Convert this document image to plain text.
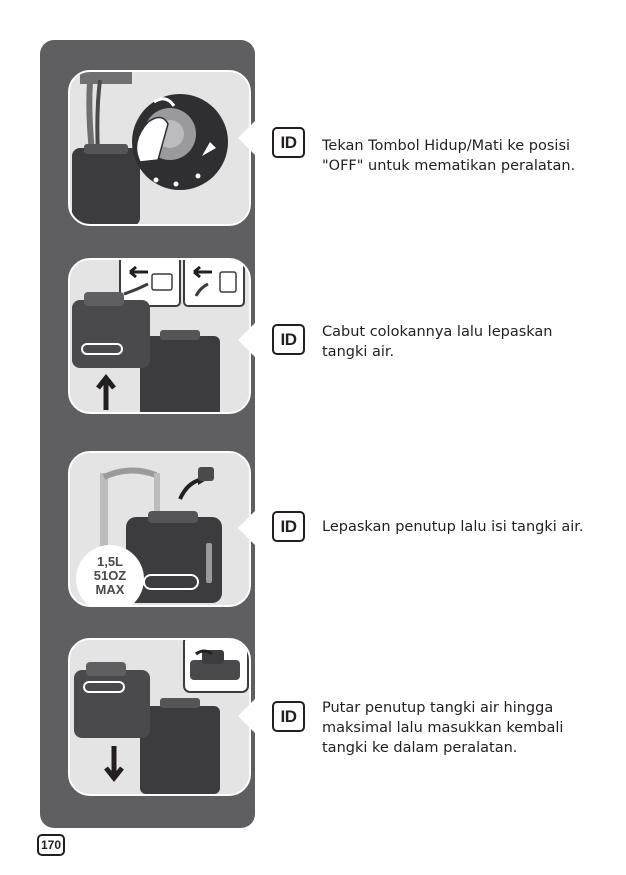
ID	Tekan Tombol Hidup/Mati ke posisi "OFF" untuk mematikan peralatan.
ID	Cabut colokannya lalu lepaskan tangki air.
1,5L
51OZ
MAX
ID	Lepaskan penutup lalu isi tangki air.
ID	Putar penutup tangki air hingga maksimal lalu masukkan kembali tangki ke dalam peralatan.
170
